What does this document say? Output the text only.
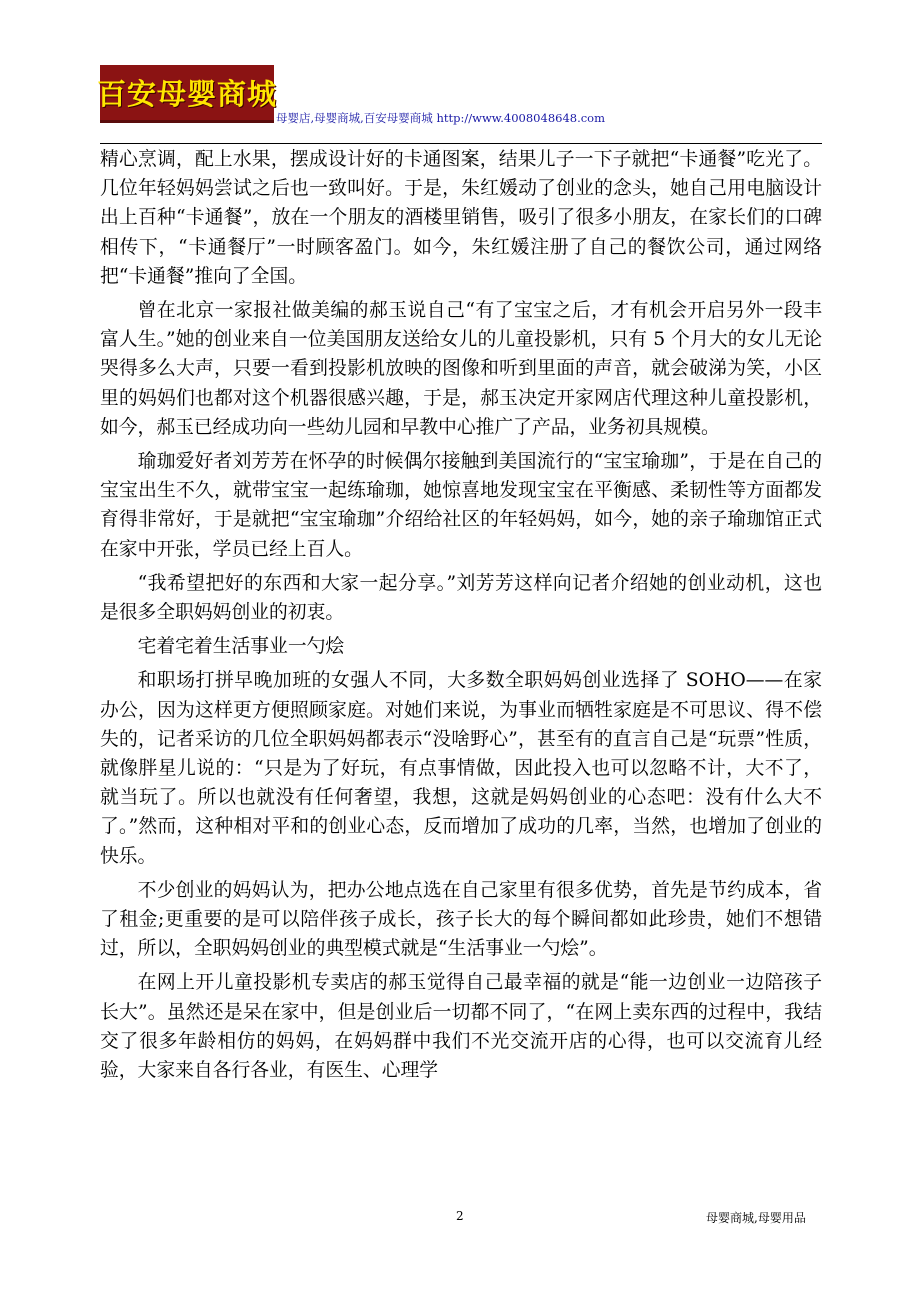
百安母婴商城
母婴店,母婴商城,百安母婴商城 http://www.4008048648.com

精心烹调，配上水果，摆成设计好的卡通图案，结果儿子一下子就把“卡通餐”吃光了。几位年轻妈妈尝试之后也一致叫好。于是，朱红媛动了创业的念头，她自己用电脑设计出上百种“卡通餐”，放在一个朋友的酒楼里销售，吸引了很多小朋友，在家长们的口碑相传下，“卡通餐厅”一时顾客盈门。如今，朱红媛注册了自己的餐饮公司，通过网络把“卡通餐”推向了全国。

曾在北京一家报社做美编的郝玉说自己“有了宝宝之后，才有机会开启另外一段丰富人生。”她的创业来自一位美国朋友送给女儿的儿童投影机，只有 5 个月大的女儿无论哭得多么大声，只要一看到投影机放映的图像和听到里面的声音，就会破涕为笑，小区里的妈妈们也都对这个机器很感兴趣，于是，郝玉决定开家网店代理这种儿童投影机，如今，郝玉已经成功向一些幼儿园和早教中心推广了产品，业务初具规模。

瑜珈爱好者刘芳芳在怀孕的时候偶尔接触到美国流行的“宝宝瑜珈”，于是在自己的宝宝出生不久，就带宝宝一起练瑜珈，她惊喜地发现宝宝在平衡感、柔韧性等方面都发育得非常好，于是就把“宝宝瑜珈”介绍给社区的年轻妈妈，如今，她的亲子瑜珈馆正式在家中开张，学员已经上百人。

“我希望把好的东西和大家一起分享。”刘芳芳这样向记者介绍她的创业动机，这也是很多全职妈妈创业的初衷。

宅着宅着生活事业一勺烩

和职场打拼早晚加班的女强人不同，大多数全职妈妈创业选择了 SOHO——在家办公，因为这样更方便照顾家庭。对她们来说，为事业而牺牲家庭是不可思议、得不偿失的，记者采访的几位全职妈妈都表示“没啥野心”，甚至有的直言自己是“玩票”性质，就像胖星儿说的：“只是为了好玩，有点事情做，因此投入也可以忽略不计，大不了，就当玩了。所以也就没有任何奢望，我想，这就是妈妈创业的心态吧：没有什么大不了。”然而，这种相对平和的创业心态，反而增加了成功的几率，当然，也增加了创业的快乐。

不少创业的妈妈认为，把办公地点选在自己家里有很多优势，首先是节约成本，省了租金;更重要的是可以陪伴孩子成长，孩子长大的每个瞬间都如此珍贵，她们不想错过，所以，全职妈妈创业的典型模式就是“生活事业一勺烩”。

在网上开儿童投影机专卖店的郝玉觉得自己最幸福的就是“能一边创业一边陪孩子长大”。虽然还是呆在家中，但是创业后一切都不同了，“在网上卖东西的过程中，我结交了很多年龄相仿的妈妈，在妈妈群中我们不光交流开店的心得，也可以交流育儿经验，大家来自各行各业，有医生、心理学

2	母婴商城,母婴用品
